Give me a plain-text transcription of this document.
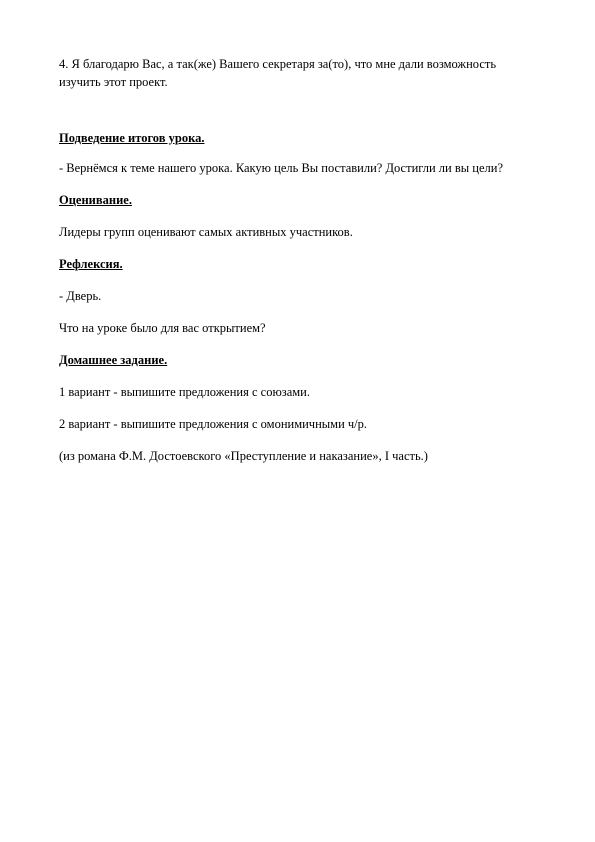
4. Я благодарю Вас, а так(же) Вашего секретаря за(то), что мне дали возможность изучить этот проект.

Подведение итогов урока.

- Вернёмся к теме нашего урока. Какую цель Вы поставили? Достигли ли вы цели?

Оценивание.

Лидеры групп оценивают самых активных участников.

Рефлексия.

- Дверь.

Что на уроке было для вас открытием?

Домашнее задание.

1 вариант - выпишите предложения с союзами.

2 вариант - выпишите предложения с омонимичными ч/р.

(из романа Ф.М. Достоевского «Преступление и наказание», I часть.)
